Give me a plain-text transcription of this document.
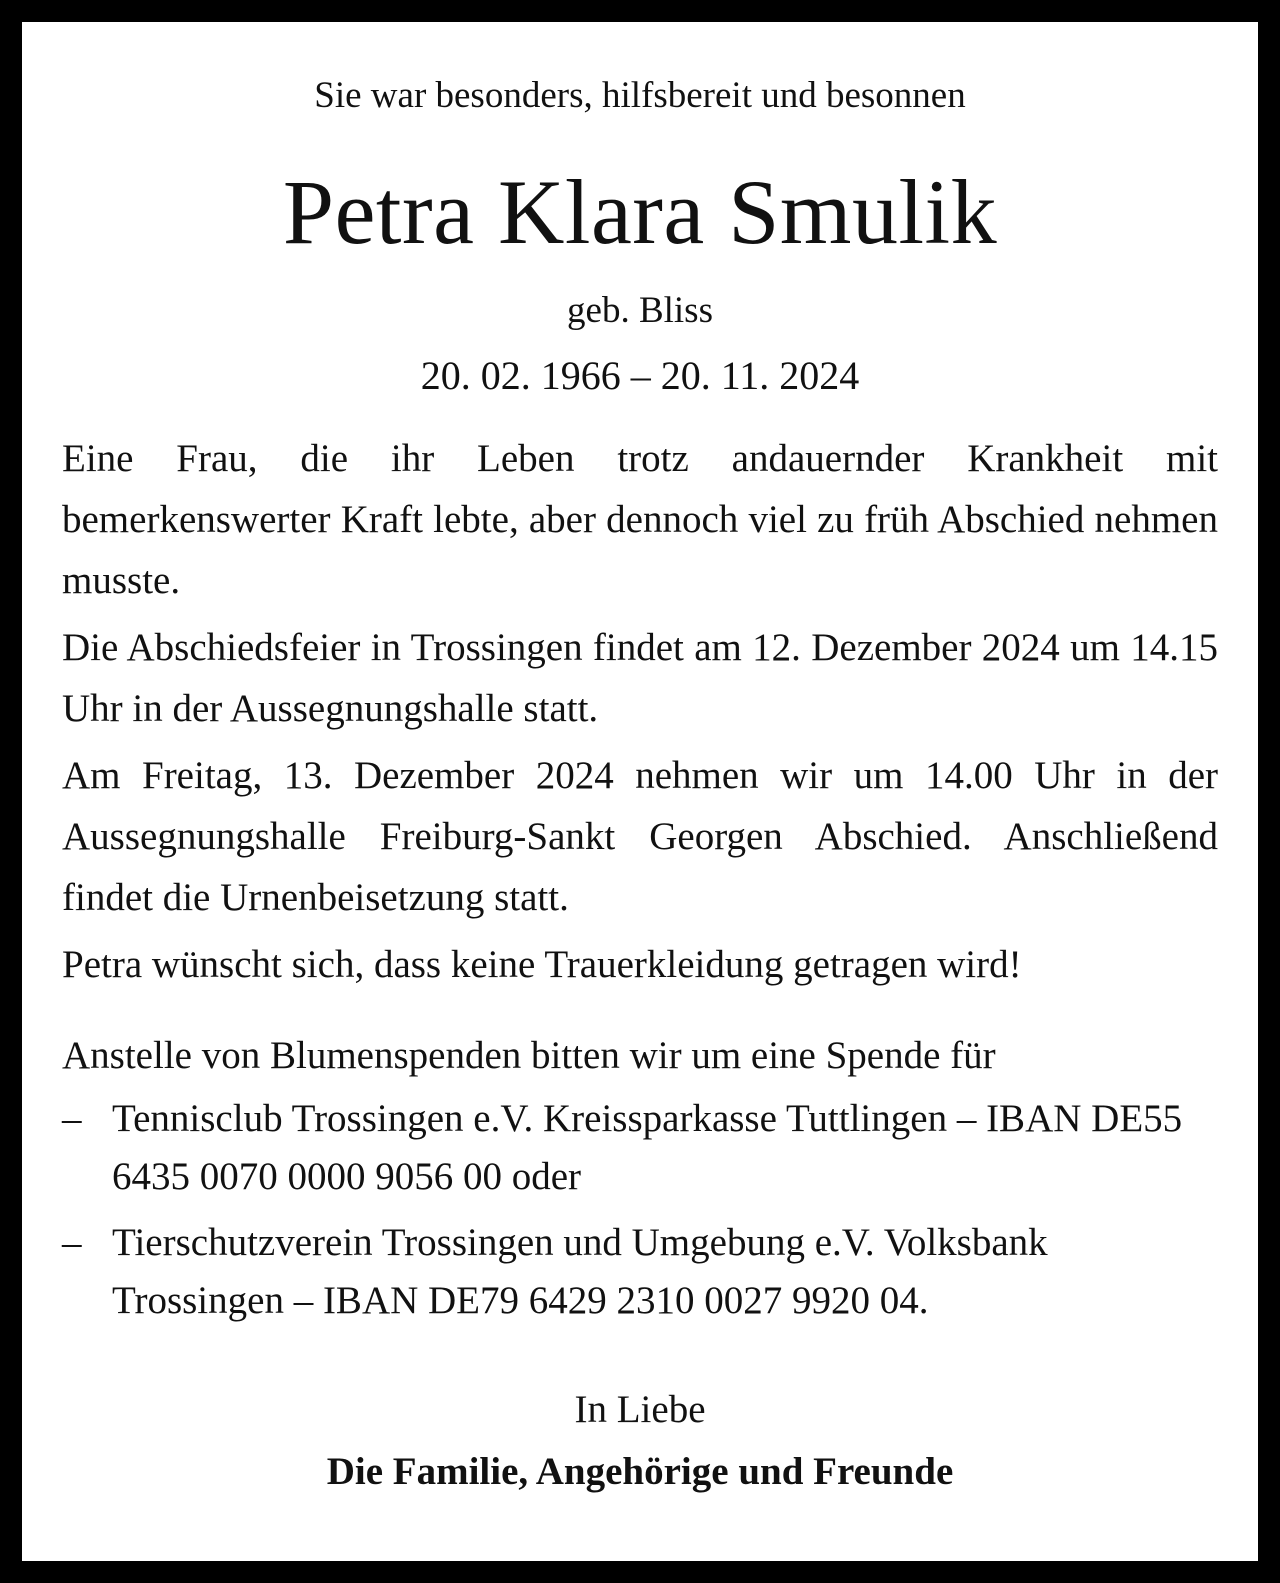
Sie war besonders, hilfsbereit und besonnen

Petra Klara Smulik

geb. Bliss

20. 02. 1966 – 20. 11. 2024

Eine Frau, die ihr Leben trotz andauernder Krankheit mit bemerkenswerter Kraft lebte, aber dennoch viel zu früh Abschied nehmen musste.

Die Abschiedsfeier in Trossingen findet am 12. Dezember 2024 um 14.15 Uhr in der Aussegnungshalle statt.

Am Freitag, 13. Dezember 2024 nehmen wir um 14.00 Uhr in der Aussegnungshalle Freiburg-Sankt Georgen Abschied. Anschließend findet die Urnenbeisetzung statt.

Petra wünscht sich, dass keine Trauerkleidung getragen wird!

Anstelle von Blumenspenden bitten wir um eine Spende für

– Tennisclub Trossingen e.V. Kreissparkasse Tuttlingen – IBAN DE55 6435 0070 0000 9056 00 oder
– Tierschutzverein Trossingen und Umgebung e.V. Volksbank Trossingen – IBAN DE79 6429 2310 0027 9920 04.

In Liebe

Die Familie, Angehörige und Freunde
